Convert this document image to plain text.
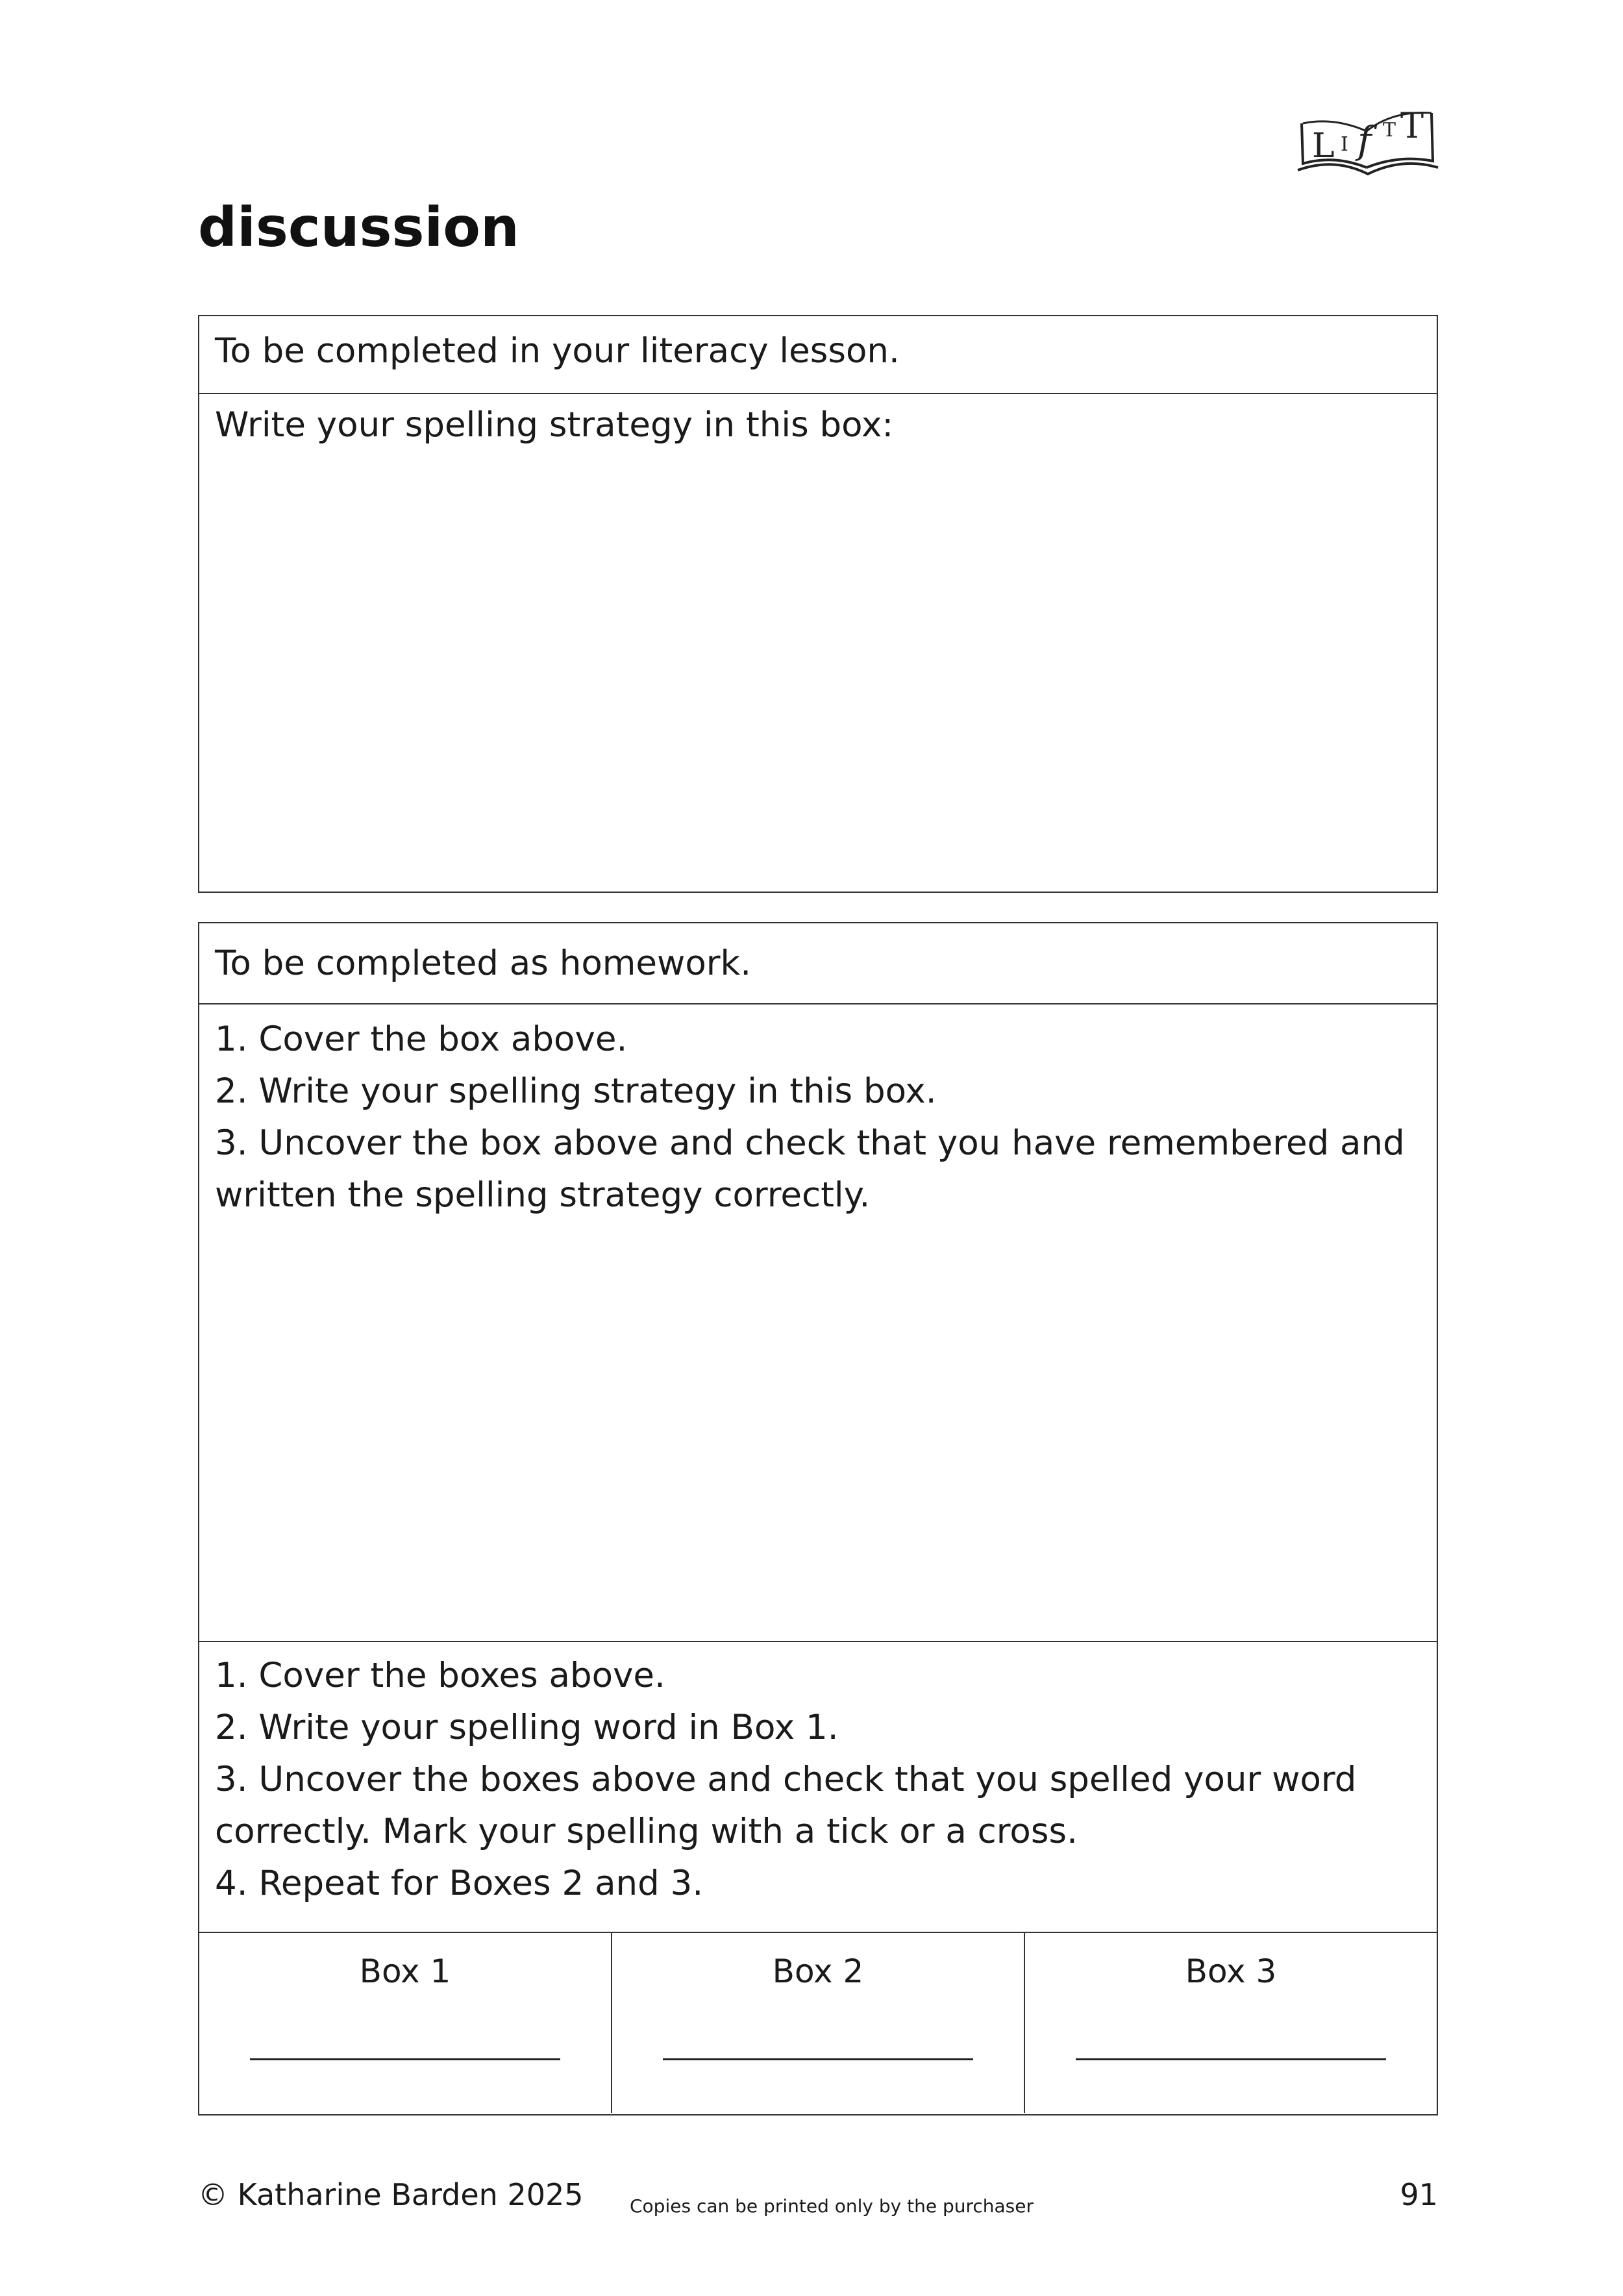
L I f T T
discussion
To be completed in your literacy lesson.
Write your spelling strategy in this box:
To be completed as homework.
1. Cover the box above.
2. Write your spelling strategy in this box.
3. Uncover the box above and check that you have remembered and written the spelling strategy correctly.
1. Cover the boxes above.
2. Write your spelling word in Box 1.
3. Uncover the boxes above and check that you spelled your word correctly. Mark your spelling with a tick or a cross.
4. Repeat for Boxes 2 and 3.
Box 1	Box 2	Box 3
© Katharine Barden 2025	Copies can be printed only by the purchaser	91
